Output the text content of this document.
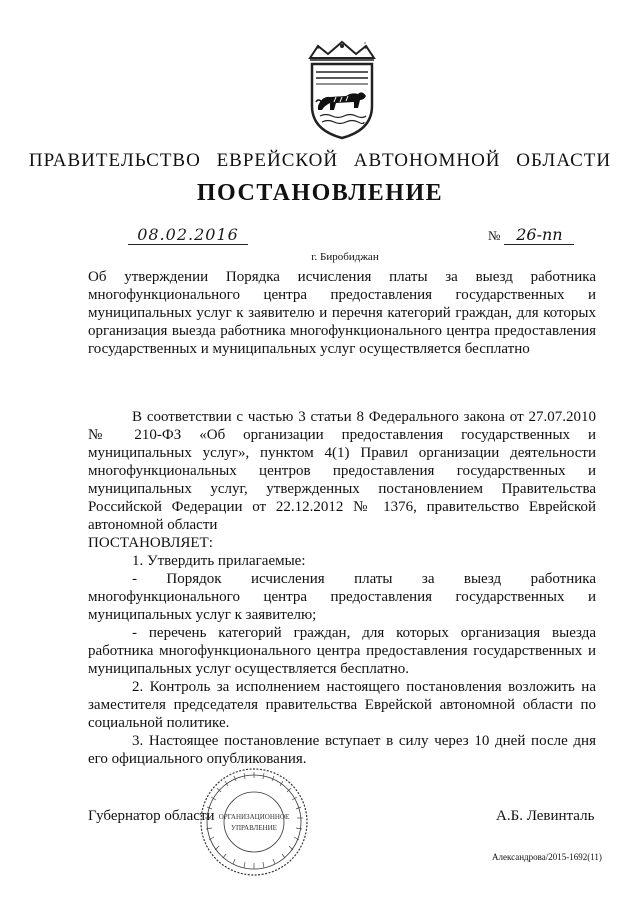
ПРАВИТЕЛЬСТВО ЕВРЕЙСКОЙ АВТОНОМНОЙ ОБЛАСТИ
ПОСТАНОВЛЕНИЕ
08.02.2016	№ 26-пп
г. Биробиджан
Об утверждении Порядка исчисления платы за выезд работника многофункционального центра предоставления государственных и муниципальных услуг к заявителю и перечня категорий граждан, для которых организация выезда работника многофункционального центра предоставления государственных и муниципальных услуг осуществляется бесплатно

В соответствии с частью 3 статьи 8 Федерального закона от 27.07.2010 № 210-ФЗ «Об организации предоставления государственных и муниципальных услуг», пунктом 4(1) Правил организации деятельности многофункциональных центров предоставления государственных и муниципальных услуг, утвержденных постановлением Правительства Российской Федерации от 22.12.2012 № 1376, правительство Еврейской автономной области

ПОСТАНОВЛЯЕТ:

1. Утвердить прилагаемые:

- Порядок исчисления платы за выезд работника многофункционального центра предоставления государственных и муниципальных услуг к заявителю;

- перечень категорий граждан, для которых организация выезда работника многофункционального центра предоставления государственных и муниципальных услуг осуществляется бесплатно.

2. Контроль за исполнением настоящего постановления возложить на заместителя председателя правительства Еврейской автономной области по социальной политике.

3. Настоящее постановление вступает в силу через 10 дней после дня его официального опубликования.

Губернатор области ОРГАНИЗАЦИОННОЕ
УПРАВЛЕНИЕ
А.Б. Левинталь
Александрова/2015-1692(11)
